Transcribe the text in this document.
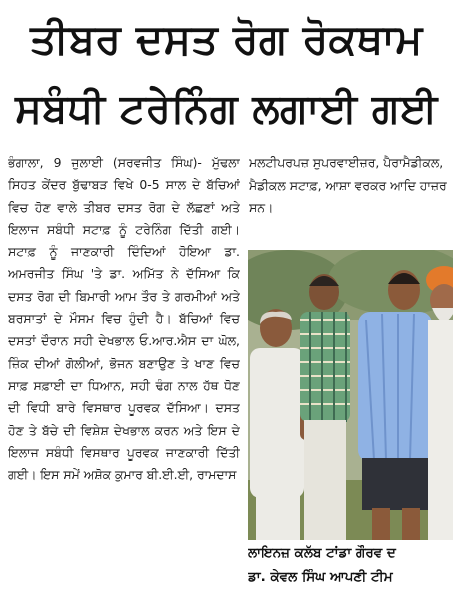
ਤੀਬਰ ਦਸਤ ਰੋਗ ਰੋਕਥਾਮ
ਸਬੰਧੀ ਟਰੇਨਿੰਗ ਲਗਾਈ ਗਈ

ਭੰਗਾਲਾ, 9 ਜੁਲਾਈ (ਸਰਵਜੀਤ ਸਿੰਘ)- ਮੁੱਢਲਾ ਸਿਹਤ ਕੇਂਦਰ ਬੁੱਢਾਬੜ ਵਿਖੇ 0-5 ਸਾਲ ਦੇ ਬੱਚਿਆਂ ਵਿਚ ਹੋਣ ਵਾਲੇ ਤੀਬਰ ਦਸਤ ਰੋਗ ਦੇ ਲੱਛਣਾਂ ਅਤੇ ਇਲਾਜ ਸਬੰਧੀ ਸਟਾਫ਼ ਨੂੰ ਟਰੇਨਿੰਗ ਦਿੱਤੀ ਗਈ। ਸਟਾਫ਼ ਨੂੰ ਜਾਣਕਾਰੀ ਦਿੰਦਿਆਂ ਹੋਇਆ ਡਾ. ਅਮਰਜੀਤ ਸਿੰਘ 'ਤੇ ਡਾ. ਅਮਿੱਤ ਨੇ ਦੱਸਿਆ ਕਿ ਦਸਤ ਰੋਗ ਦੀ ਬਿਮਾਰੀ ਆਮ ਤੌਰ ਤੇ ਗਰਮੀਆਂ ਅਤੇ ਬਰਸਾਤਾਂ ਦੇ ਮੌਸਮ ਵਿਚ ਹੁੰਦੀ ਹੈ। ਬੱਚਿਆਂ ਵਿਚ ਦਸਤਾਂ ਦੌਰਾਨ ਸਹੀ ਦੇਖਭਾਲ ਓ.ਆਰ.ਐਸ ਦਾ ਘੋਲ, ਜ਼ਿੰਕ ਦੀਆਂ ਗੋਲੀਆਂ, ਭੋਜਨ ਬਣਾਉਣ ਤੇ ਖਾਣ ਵਿਚ ਸਾਫ਼ ਸਫ਼ਾਈ ਦਾ ਧਿਆਨ, ਸਹੀ ਢੰਗ ਨਾਲ ਹੱਥ ਧੋਣ ਦੀ ਵਿਧੀ ਬਾਰੇ ਵਿਸਥਾਰ ਪੂਰਵਕ ਦੱਸਿਆ। ਦਸਤ ਹੋਣ ਤੇ ਬੱਚੇ ਦੀ ਵਿਸ਼ੇਸ਼ ਦੇਖਭਾਲ ਕਰਨ ਅਤੇ ਇਸ ਦੇ ਇਲਾਜ ਸਬੰਧੀ ਵਿਸਥਾਰ ਪੂਰਵਕ ਜਾਣਕਾਰੀ ਦਿੱਤੀ ਗਈ। ਇਸ ਸਮੇਂ ਅਸ਼ੋਕ ਕੁਮਾਰ ਬੀ.ਈ.ਈ, ਰਾਮਦਾਸ

ਮਲਟੀਪਰਪਜ਼ ਸੁਪਰਵਾਈਜ਼ਰ, ਪੈਰਾਮੈਡੀਕਲ, ਮੈਡੀਕਲ ਸਟਾਫ਼, ਆਸ਼ਾ ਵਰਕਰ ਆਦਿ ਹਾਜ਼ਰ ਸਨ।

ਲਾਇਨਜ਼ ਕਲੱਬ ਟਾਂਡਾ ਗੌਰਵ ਦ
ਡਾ. ਕੇਵਲ ਸਿੰਘ ਆਪਣੀ ਟੀਮ
